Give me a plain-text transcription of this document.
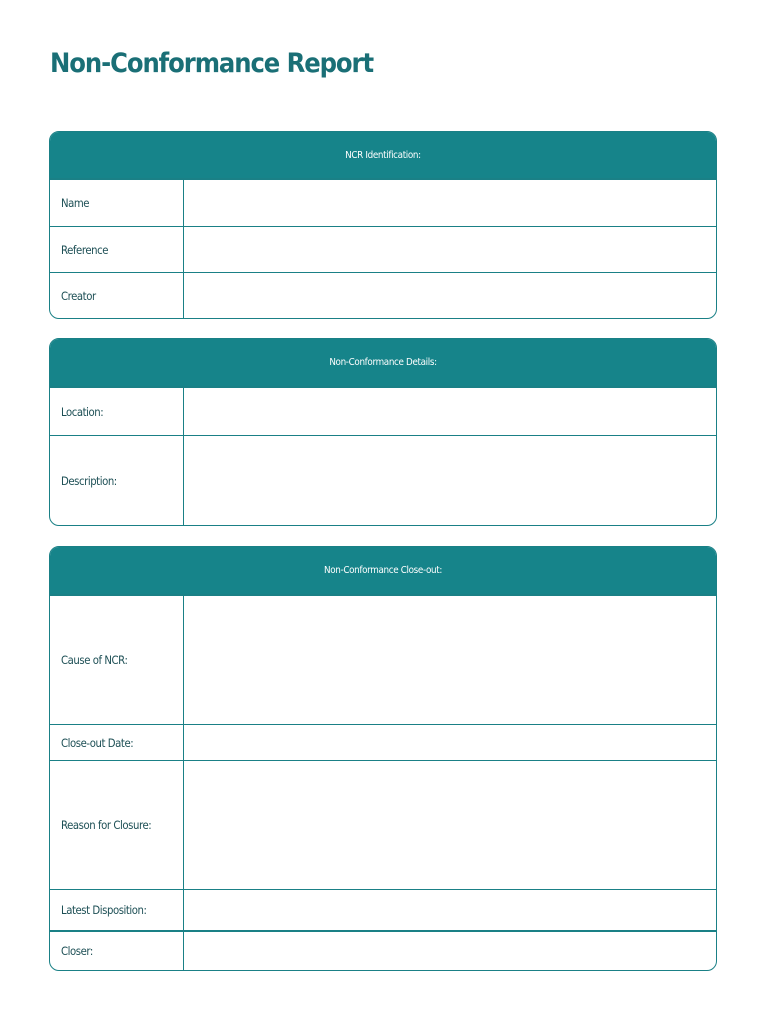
Non-Conformance Report
NCR Identification:
Name
Reference
Creator
Non-Conformance Details:
Location:
Description:
Non-Conformance Close-out:
Cause of NCR:
Close-out Date:
Reason for Closure:
Latest Disposition:
Closer:
